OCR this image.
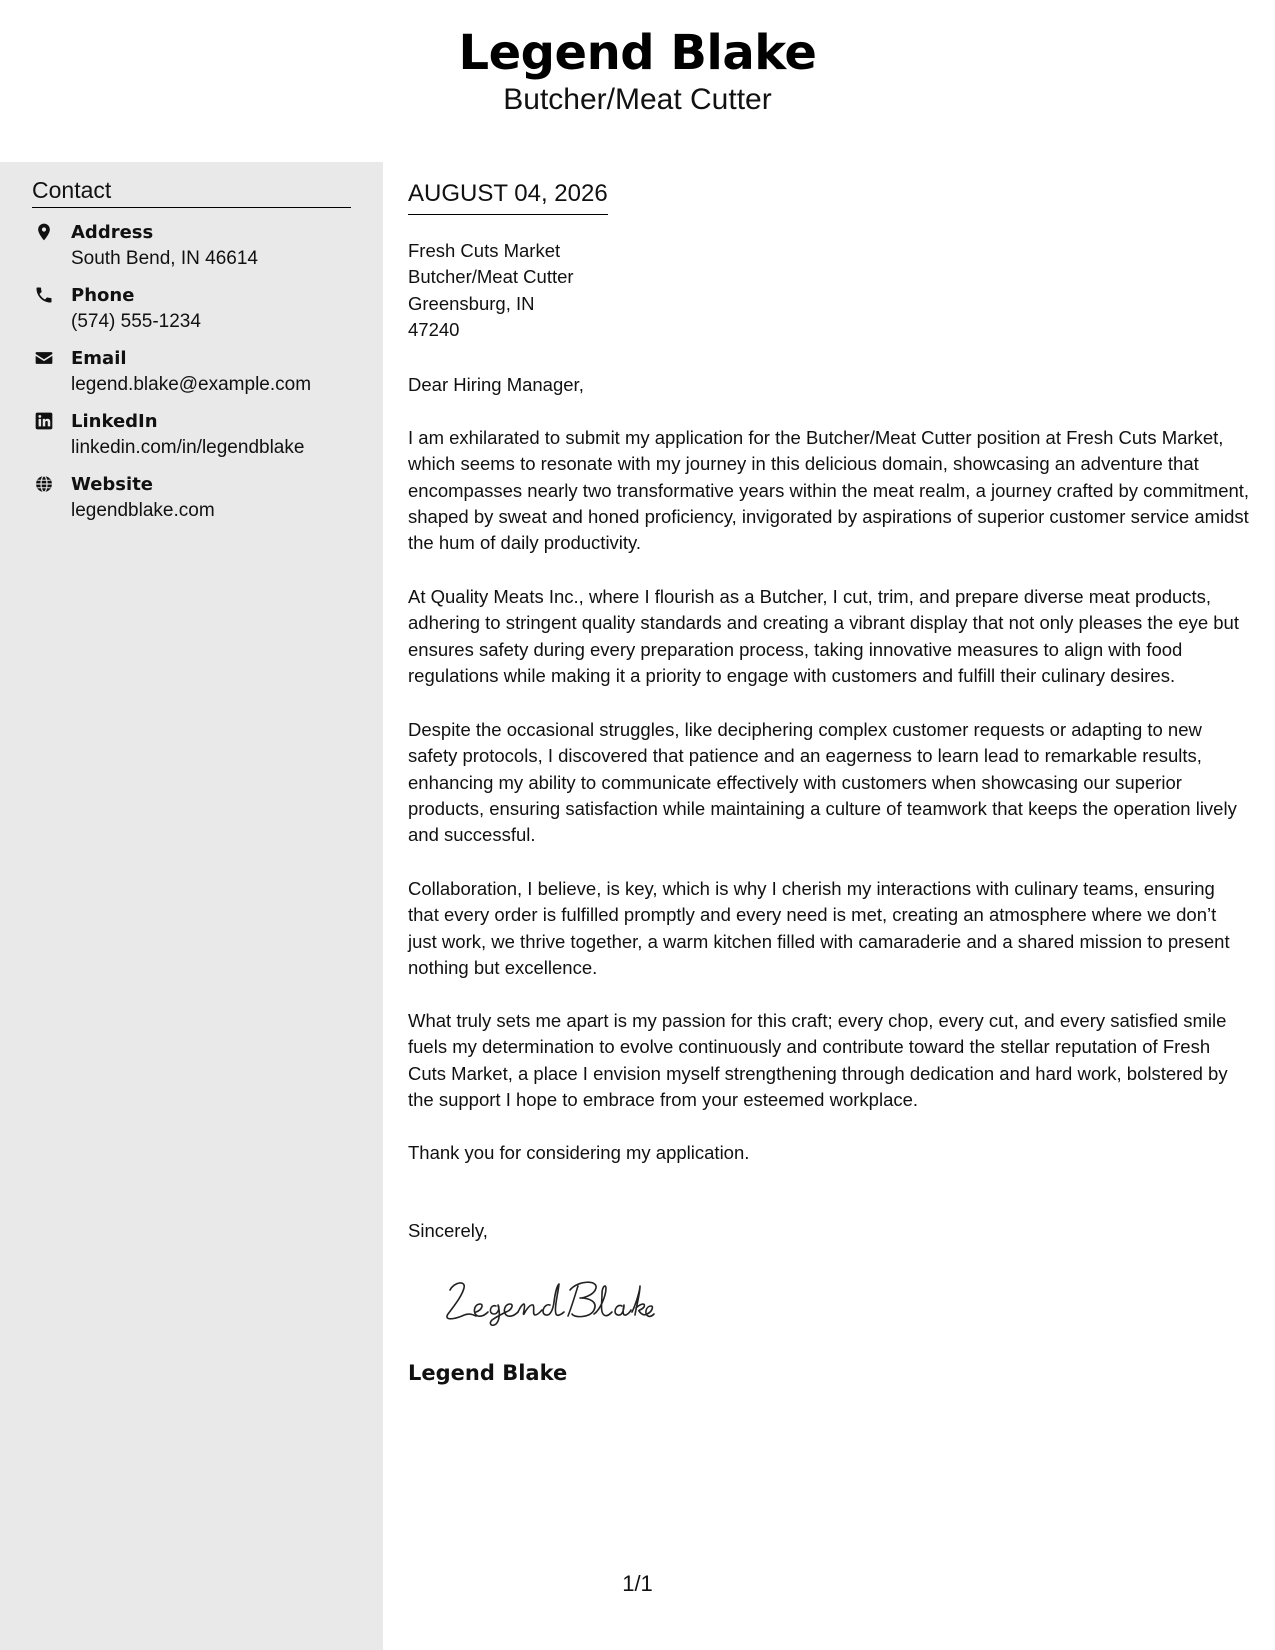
Legend Blake
Butcher/Meat Cutter
Contact
Address
South Bend, IN 46614
Phone
(574) 555-1234
Email
legend.blake@example.com
LinkedIn
linkedin.com/in/legendblake
Website
legendblake.com
AUGUST 04, 2026
Fresh Cuts Market
Butcher/Meat Cutter
Greensburg, IN
47240

Dear Hiring Manager,

I am exhilarated to submit my application for the Butcher/Meat Cutter position at Fresh Cuts Market, which seems to resonate with my journey in this delicious domain, showcasing an adventure that encompasses nearly two transformative years within the meat realm, a journey crafted by commitment, shaped by sweat and honed proficiency, invigorated by aspirations of superior customer service amidst the hum of daily productivity.

At Quality Meats Inc., where I flourish as a Butcher, I cut, trim, and prepare diverse meat products, adhering to stringent quality standards and creating a vibrant display that not only pleases the eye but ensures safety during every preparation process, taking innovative measures to align with food regulations while making it a priority to engage with customers and fulfill their culinary desires.

Despite the occasional struggles, like deciphering complex customer requests or adapting to new safety protocols, I discovered that patience and an eagerness to learn lead to remarkable results, enhancing my ability to communicate effectively with customers when showcasing our superior products, ensuring satisfaction while maintaining a culture of teamwork that keeps the operation lively and successful.

Collaboration, I believe, is key, which is why I cherish my interactions with culinary teams, ensuring that every order is fulfilled promptly and every need is met, creating an atmosphere where we don’t just work, we thrive together, a warm kitchen filled with camaraderie and a shared mission to present nothing but excellence.

What truly sets me apart is my passion for this craft; every chop, every cut, and every satisfied smile fuels my determination to evolve continuously and contribute toward the stellar reputation of Fresh Cuts Market, a place I envision myself strengthening through dedication and hard work, bolstered by the support I hope to embrace from your esteemed workplace.

Thank you for considering my application.

Sincerely,

Legend Blake
1/1
